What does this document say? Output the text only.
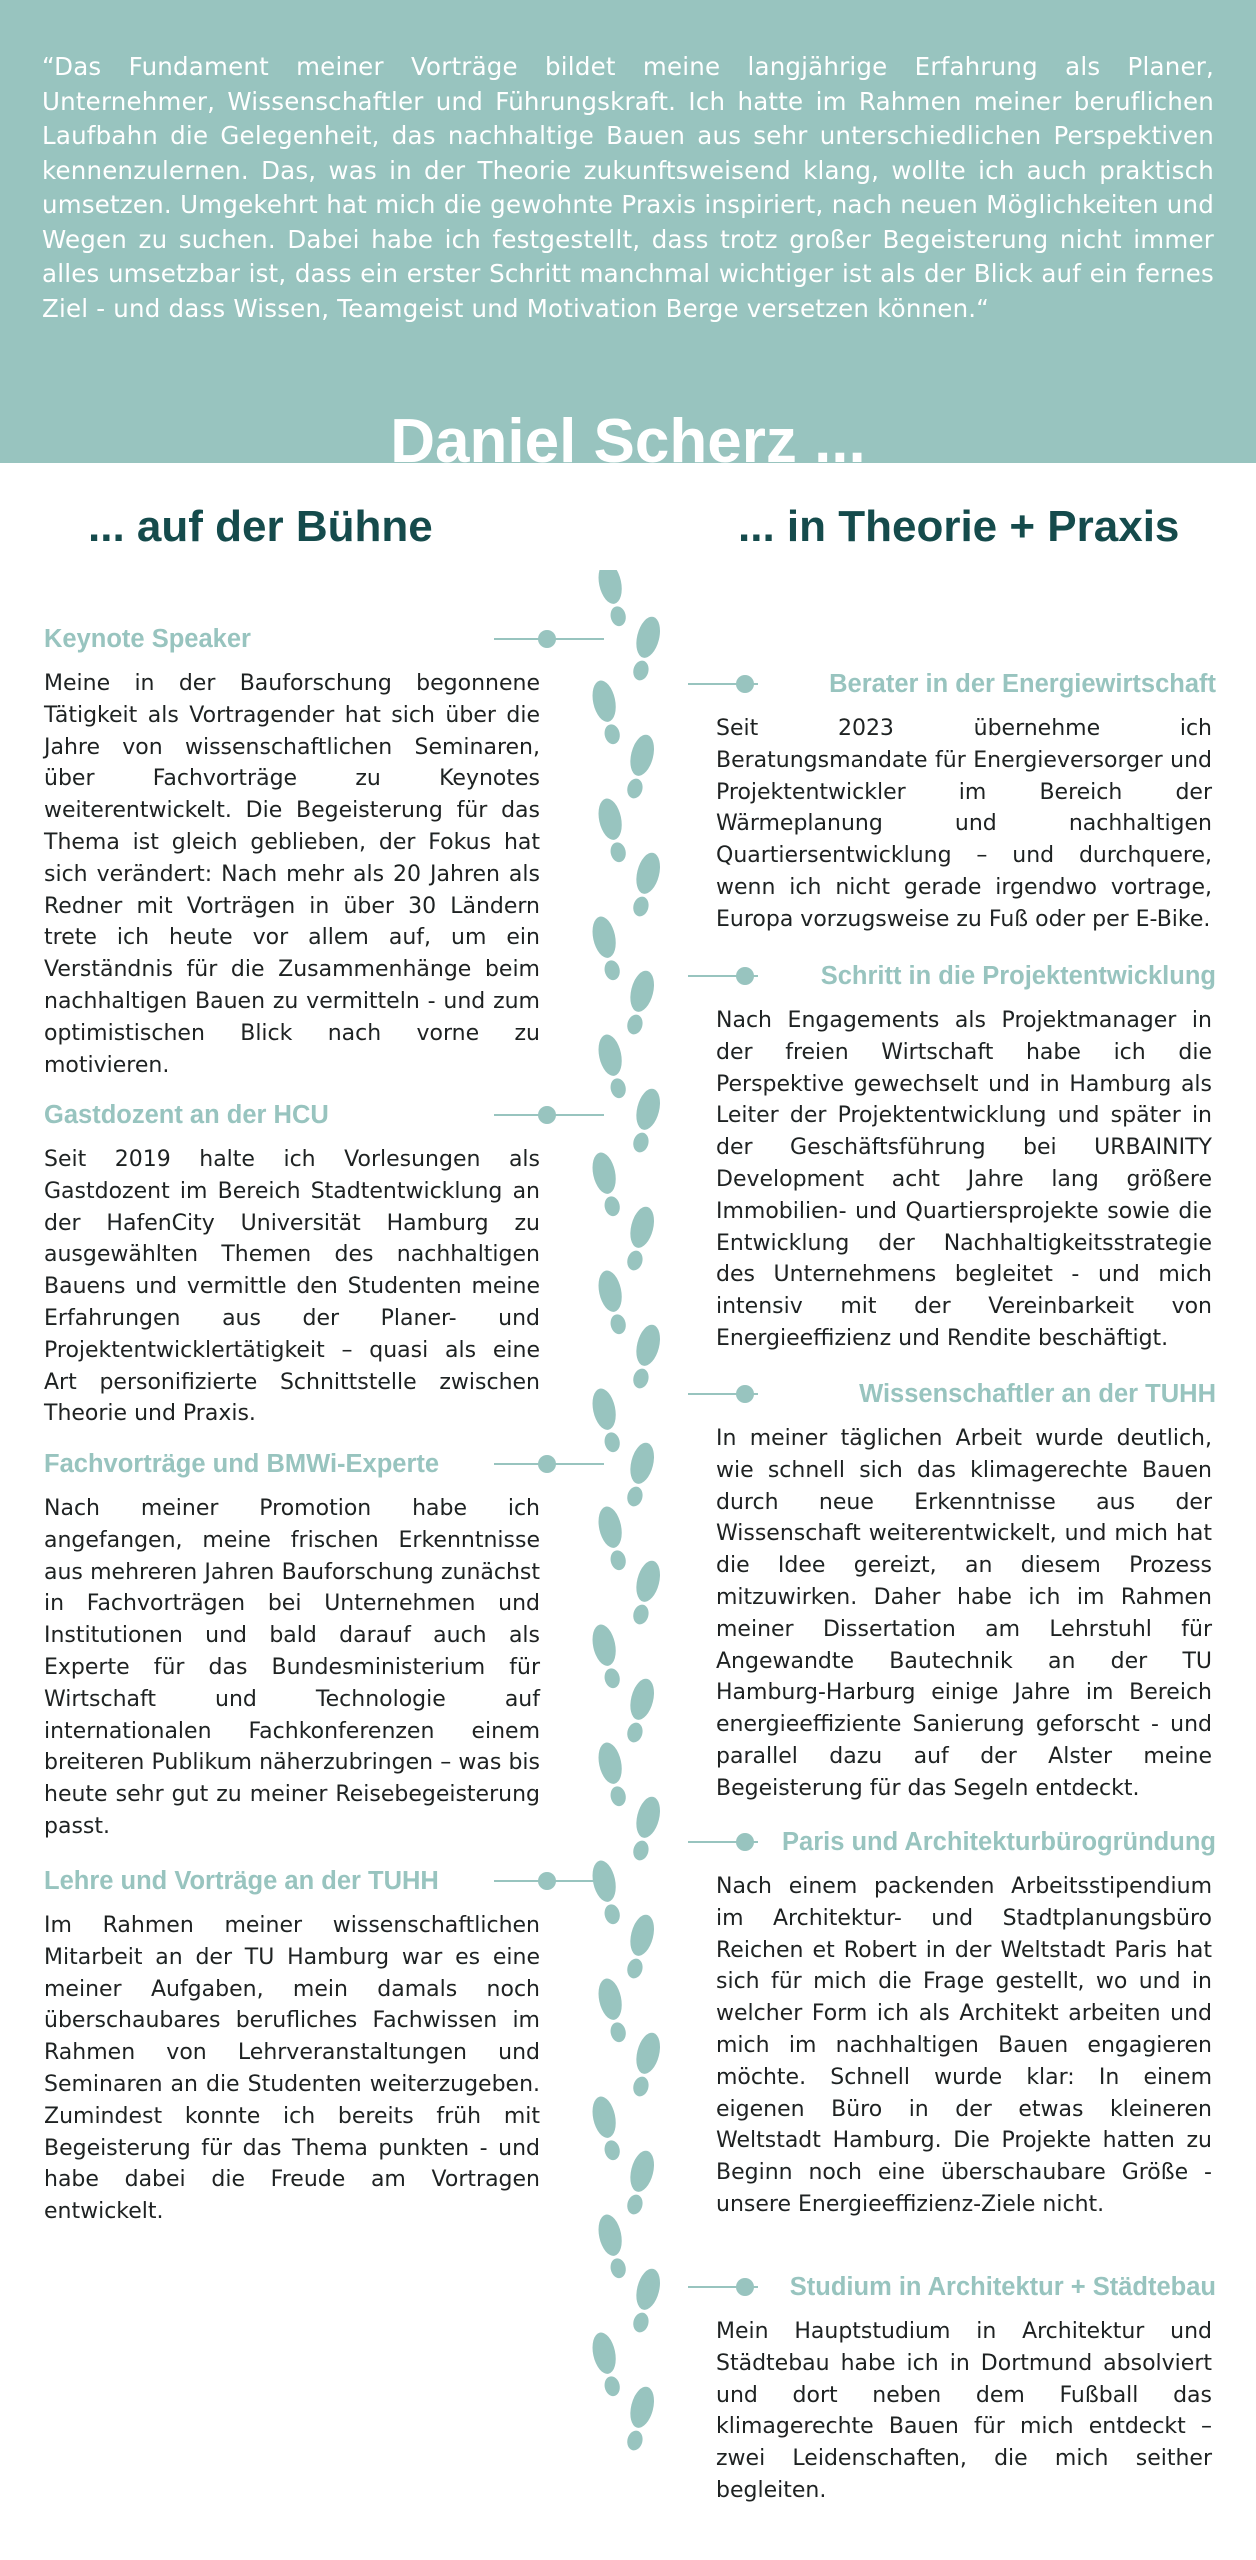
“Das Fundament meiner Vorträge bildet meine langjährige Erfahrung als Planer, Unternehmer, Wissenschaftler und Führungskraft. Ich hatte im Rahmen meiner beruflichen Laufbahn die Gelegenheit, das nachhaltige Bauen aus sehr unterschiedlichen Perspektiven kennenzulernen. Das, was in der Theorie zukunftsweisend klang, wollte ich auch praktisch umsetzen. Umgekehrt hat mich die gewohnte Praxis inspiriert, nach neuen Möglichkeiten und Wegen zu suchen. Dabei habe ich festgestellt, dass trotz großer Begeisterung nicht immer alles umsetzbar ist, dass ein erster Schritt manchmal wichtiger ist als der Blick auf ein fernes Ziel - und dass Wissen, Teamgeist und Motivation Berge versetzen können.“

Daniel Scherz ...
... auf der Bühne	... in Theorie + Praxis
Keynote Speaker

Meine in der Bauforschung begonnene Tätigkeit als Vortragender hat sich über die Jahre von wissenschaftlichen Seminaren, über Fachvorträge zu Keynotes weiterentwickelt. Die Begeisterung für das Thema ist gleich geblieben, der Fokus hat sich verändert: Nach mehr als 20 Jahren als Redner mit Vorträgen in über 30 Ländern trete ich heute vor allem auf, um ein Verständnis für die Zusammenhänge beim nachhaltigen Bauen zu vermitteln - und zum optimistischen Blick nach vorne zu motivieren.

Gastdozent an der HCU

Seit 2019 halte ich Vorlesungen als Gastdozent im Bereich Stadtentwicklung an der HafenCity Universität Hamburg zu ausgewählten Themen des nachhaltigen Bauens und vermittle den Studenten meine Erfahrungen aus der Planer- und Projektentwicklertätigkeit – quasi als eine Art personifizierte Schnittstelle zwischen Theorie und Praxis.

Fachvorträge und BMWi-Experte

Nach meiner Promotion habe ich angefangen, meine frischen Erkenntnisse aus mehreren Jahren Bauforschung zunächst in Fachvorträgen bei Unternehmen und Institutionen und bald darauf auch als Experte für das Bundesministerium für Wirtschaft und Technologie auf internationalen Fachkonferenzen einem breiteren Publikum näherzubringen – was bis heute sehr gut zu meiner Reisebegeisterung passt.

Lehre und Vorträge an der TUHH

Im Rahmen meiner wissenschaftlichen Mitarbeit an der TU Hamburg war es eine meiner Aufgaben, mein damals noch überschaubares berufliches Fachwissen im Rahmen von Lehrveranstaltungen und Seminaren an die Studenten weiterzugeben. Zumindest konnte ich bereits früh mit Begeisterung für das Thema punkten - und habe dabei die Freude am Vortragen entwickelt.

Berater in der Energiewirtschaft

Seit 2023 übernehme ich Beratungsmandate für Energieversorger und Projektentwickler im Bereich der Wärmeplanung und nachhaltigen Quartiersentwicklung – und durchquere, wenn ich nicht gerade irgendwo vortrage, Europa vorzugsweise zu Fuß oder per E-Bike.

Schritt in die Projektentwicklung

Nach Engagements als Projektmanager in der freien Wirtschaft habe ich die Perspektive gewechselt und in Hamburg als Leiter der Projektentwicklung und später in der Geschäftsführung bei URBAINITY Development acht Jahre lang größere Immobilien- und Quartiersprojekte sowie die Entwicklung der Nachhaltigkeitsstrategie des Unternehmens begleitet - und mich intensiv mit der Vereinbarkeit von Energieeffizienz und Rendite beschäftigt.

Wissenschaftler an der TUHH

In meiner täglichen Arbeit wurde deutlich, wie schnell sich das klimagerechte Bauen durch neue Erkenntnisse aus der Wissenschaft weiterentwickelt, und mich hat die Idee gereizt, an diesem Prozess mitzuwirken. Daher habe ich im Rahmen meiner Dissertation am Lehrstuhl für Angewandte Bautechnik an der TU Hamburg-Harburg einige Jahre im Bereich energieeffiziente Sanierung geforscht - und parallel dazu auf der Alster meine Begeisterung für das Segeln entdeckt.

Paris und Architekturbürogründung

Nach einem packenden Arbeitsstipendium im Architektur- und Stadtplanungsbüro Reichen et Robert in der Weltstadt Paris hat sich für mich die Frage gestellt, wo und in welcher Form ich als Architekt arbeiten und mich im nachhaltigen Bauen engagieren möchte. Schnell wurde klar: In einem eigenen Büro in der etwas kleineren Weltstadt Hamburg. Die Projekte hatten zu Beginn noch eine überschaubare Größe - unsere Energieeffizienz-Ziele nicht.

Studium in Architektur + Städtebau

Mein Hauptstudium in Architektur und Städtebau habe ich in Dortmund absolviert und dort neben dem Fußball das klimagerechte Bauen für mich entdeckt – zwei Leidenschaften, die mich seither begleiten.
